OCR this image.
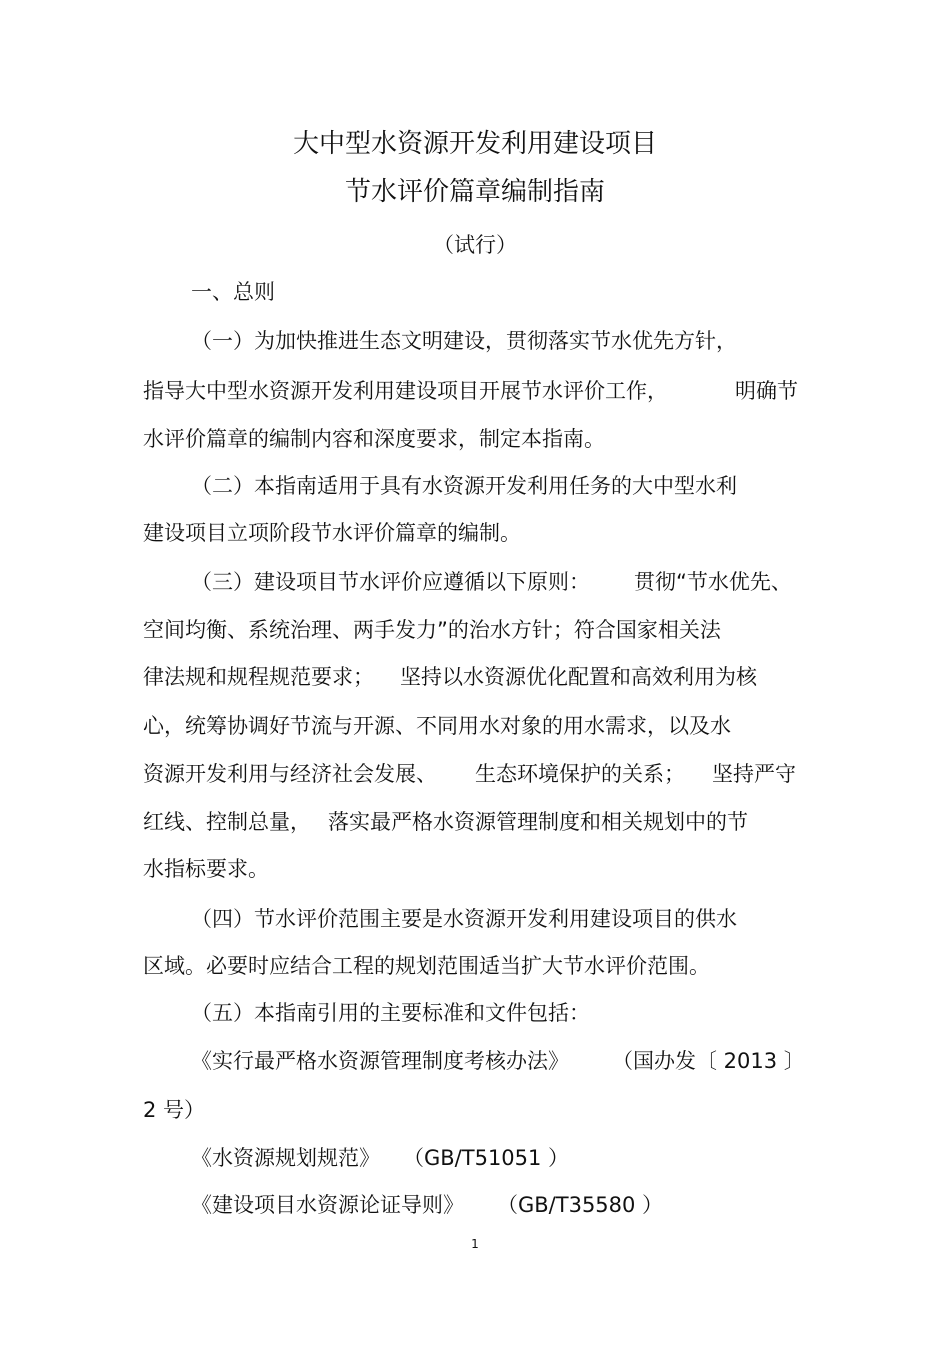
大中型水资源开发利用建设项目
节水评价篇章编制指南
（试行）
一、总则
（一）为加快推进生态文明建设，贯彻落实节水优先方针，
指导大中型水资源开发利用建设项目开展节水评价工作，	明确节
水评价篇章的编制内容和深度要求，制定本指南。
（二）本指南适用于具有水资源开发利用任务的大中型水利
建设项目立项阶段节水评价篇章的编制。
（三）建设项目节水评价应遵循以下原则： 贯彻“节水优先、
空间均衡、系统治理、两手发力”的治水方针；符合国家相关法
律法规和规程规范要求； 坚持以水资源优化配置和高效利用为核
心，统筹协调好节流与开源、不同用水对象的用水需求，以及水
资源开发利用与经济社会发展、 生态环境保护的关系； 坚持严守
红线、控制总量， 落实最严格水资源管理制度和相关规划中的节
水指标要求。
（四）节水评价范围主要是水资源开发利用建设项目的供水
区域。必要时应结合工程的规划范围适当扩大节水评价范围。
（五）本指南引用的主要标准和文件包括：
《实行最严格水资源管理制度考核办法》 （国办发〔 2013 〕
2 号）
《水资源规划规范》 （GB/T51051 ）
《建设项目水资源论证导则》 （GB/T35580 ）
1
